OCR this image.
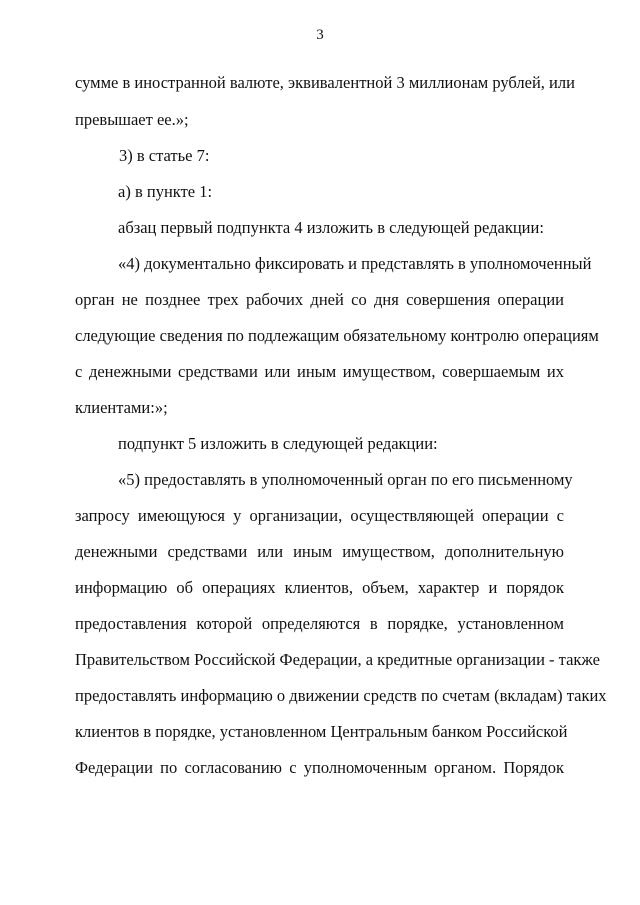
3
сумме в иностранной валюте, эквивалентной 3 миллионам рублей, или
превышает ее.»;
3) в статье 7:
а) в пункте 1:
абзац первый подпункта 4 изложить в следующей редакции:
«4) документально фиксировать и представлять в уполномоченный
орган не позднее трех рабочих дней со дня совершения операции
следующие сведения по подлежащим обязательному контролю операциям
с денежными средствами или иным имуществом, совершаемым их
клиентами:»;
подпункт 5 изложить в следующей редакции:
«5) предоставлять в уполномоченный орган по его письменному
запросу имеющуюся у организации, осуществляющей операции с
денежными средствами или иным имуществом, дополнительную
информацию об операциях клиентов, объем, характер и порядок
предоставления которой определяются в порядке, установленном
Правительством Российской Федерации, а кредитные организации - также
предоставлять информацию о движении средств по счетам (вкладам) таких
клиентов в порядке, установленном Центральным банком Российской
Федерации по согласованию с уполномоченным органом. Порядок
